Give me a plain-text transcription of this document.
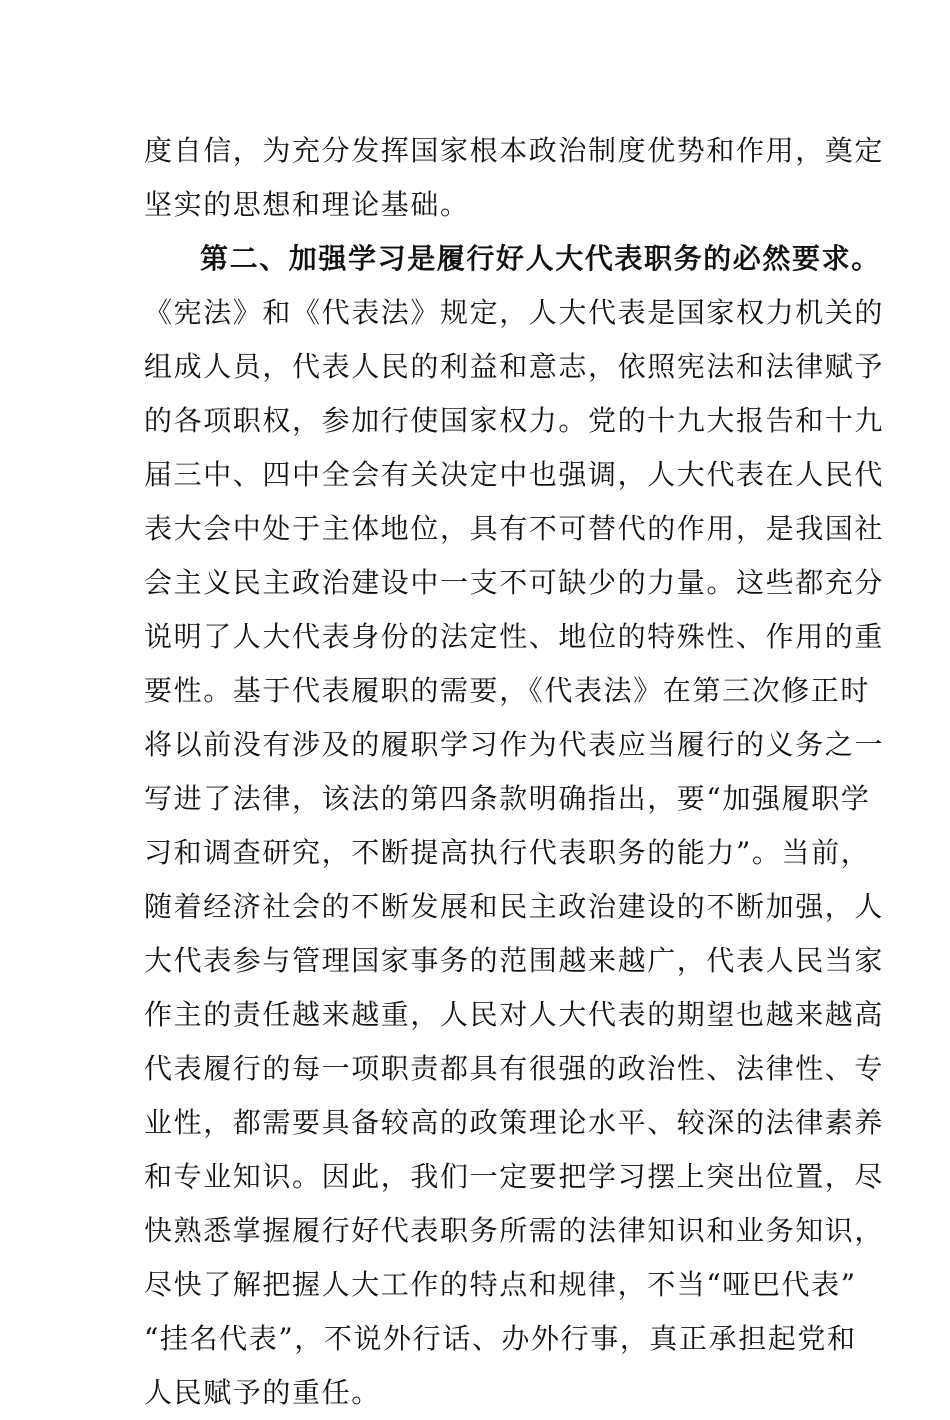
度自信，为充分发挥国家根本政治制度优势和作用，奠定
坚实的思想和理论基础。
第二、加强学习是履行好人大代表职务的必然要求。
《宪法》和《代表法》规定，人大代表是国家权力机关的
组成人员，代表人民的利益和意志，依照宪法和法律赋予
的各项职权，参加行使国家权力。党的十九大报告和十九
届三中、四中全会有关决定中也强调，人大代表在人民代
表大会中处于主体地位，具有不可替代的作用，是我国社
会主义民主政治建设中一支不可缺少的力量。这些都充分
说明了人大代表身份的法定性、地位的特殊性、作用的重
要性。基于代表履职的需要，《代表法》在第三次修正时
将以前没有涉及的履职学习作为代表应当履行的义务之一
写进了法律，该法的第四条款明确指出，要“加强履职学
习和调查研究，不断提高执行代表职务的能力”。当前，
随着经济社会的不断发展和民主政治建设的不断加强，人
大代表参与管理国家事务的范围越来越广，代表人民当家
作主的责任越来越重，人民对人大代表的期望也越来越高
代表履行的每一项职责都具有很强的政治性、法律性、专
业性，都需要具备较高的政策理论水平、较深的法律素养
和专业知识。因此，我们一定要把学习摆上突出位置，尽
快熟悉掌握履行好代表职务所需的法律知识和业务知识，
尽快了解把握人大工作的特点和规律，不当“哑巴代表”
“挂名代表”，不说外行话、办外行事，真正承担起党和
人民赋予的重任。
